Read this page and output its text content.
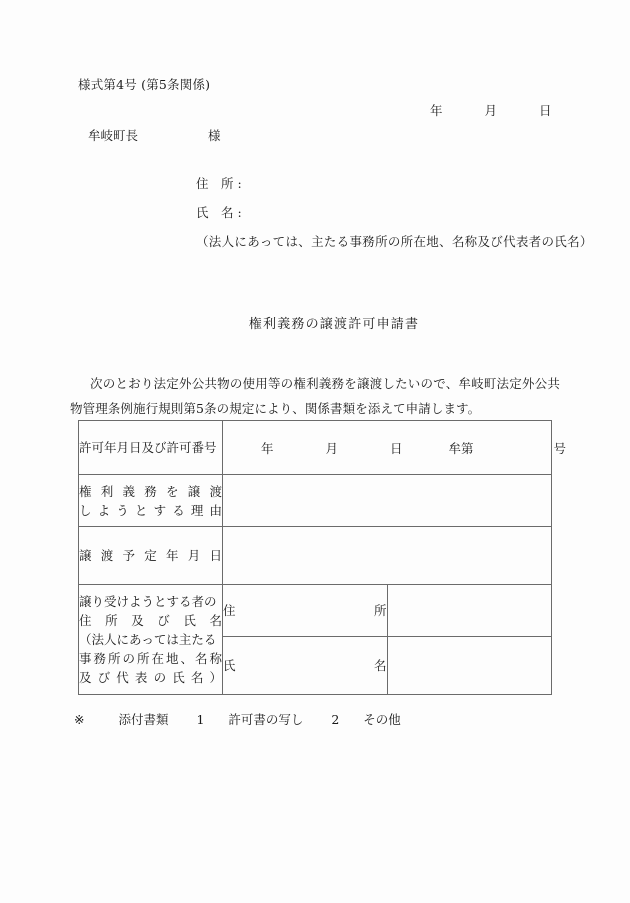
様式第4号 (第5条関係)
年	月	日
牟岐町長	様
住　所 :
氏　名 :
（法人にあっては、主たる事務所の所在地、名称及び代表者の氏名）
権利義務の譲渡許可申請書
次のとおり法定外公共物の使用等の権利義務を譲渡したいので、牟岐町法定外公共物管理条例施行規則第5条の規定により、関係書類を添えて申請します。
許可年月日及び許可番号	年 月 日 牟第 号	

権利義務を譲渡
しようとする理由		

譲渡予定年月日		

譲り受けようとする者の
住所及び氏名
（法人にあっては主たる
事務所の所在地、名称
及び代表の氏名）	住所	
	氏名	
※	添付書類 1 許可書の写し 2 その他
